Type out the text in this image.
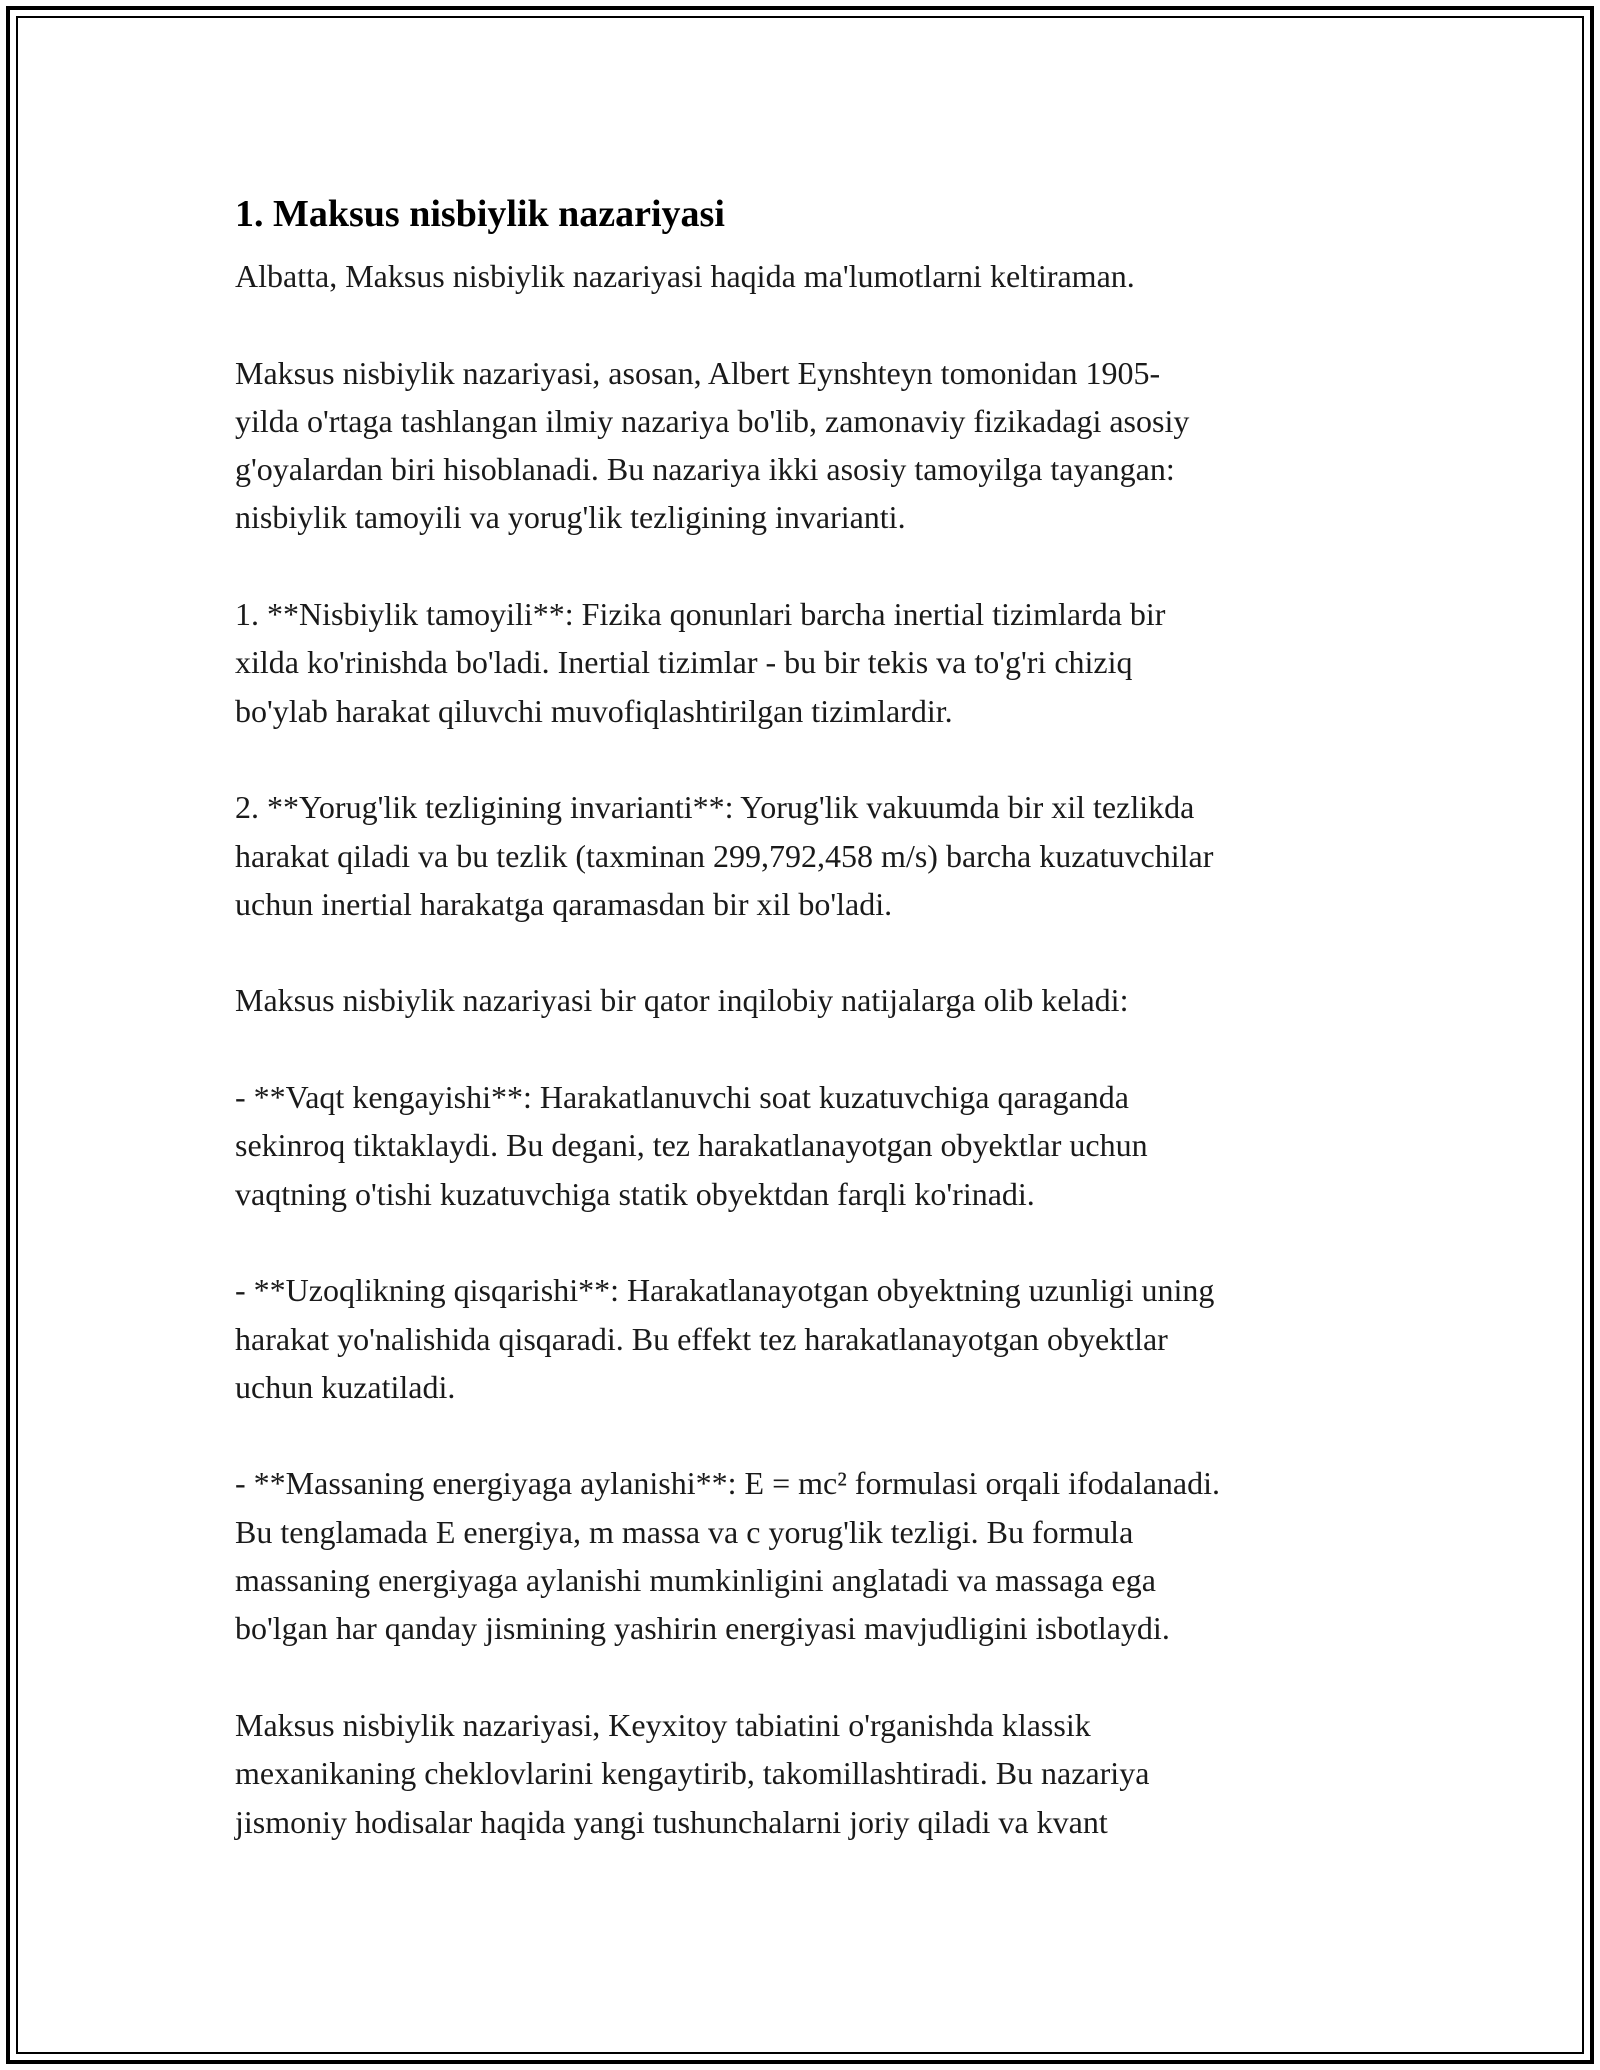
1. Maksus nisbiylik nazariyasi

Albatta, Maksus nisbiylik nazariyasi haqida ma'lumotlarni keltiraman.

Maksus nisbiylik nazariyasi, asosan, Albert Eynshteyn tomonidan 1905-
yilda o'rtaga tashlangan ilmiy nazariya bo'lib, zamonaviy fizikadagi asosiy
g'oyalardan biri hisoblanadi. Bu nazariya ikki asosiy tamoyilga tayangan:
nisbiylik tamoyili va yorug'lik tezligining invarianti.

1. **Nisbiylik tamoyili**: Fizika qonunlari barcha inertial tizimlarda bir
xilda ko'rinishda bo'ladi. Inertial tizimlar - bu bir tekis va to'g'ri chiziq
bo'ylab harakat qiluvchi muvofiqlashtirilgan tizimlardir.

2. **Yorug'lik tezligining invarianti**: Yorug'lik vakuumda bir xil tezlikda
harakat qiladi va bu tezlik (taxminan 299,792,458 m/s) barcha kuzatuvchilar
uchun inertial harakatga qaramasdan bir xil bo'ladi.

Maksus nisbiylik nazariyasi bir qator inqilobiy natijalarga olib keladi:

- **Vaqt kengayishi**: Harakatlanuvchi soat kuzatuvchiga qaraganda
sekinroq tiktaklaydi. Bu degani, tez harakatlanayotgan obyektlar uchun
vaqtning o'tishi kuzatuvchiga statik obyektdan farqli ko'rinadi.

- **Uzoqlikning qisqarishi**: Harakatlanayotgan obyektning uzunligi uning
harakat yo'nalishida qisqaradi. Bu effekt tez harakatlanayotgan obyektlar
uchun kuzatiladi.

- **Massaning energiyaga aylanishi**: E = mc² formulasi orqali ifodalanadi.
Bu tenglamada E energiya, m massa va c yorug'lik tezligi. Bu formula
massaning energiyaga aylanishi mumkinligini anglatadi va massaga ega
bo'lgan har qanday jismining yashirin energiyasi mavjudligini isbotlaydi.

Maksus nisbiylik nazariyasi, Keyxitoy tabiatini o'rganishda klassik
mexanikaning cheklovlarini kengaytirib, takomillashtiradi. Bu nazariya
jismoniy hodisalar haqida yangi tushunchalarni joriy qiladi va kvant
